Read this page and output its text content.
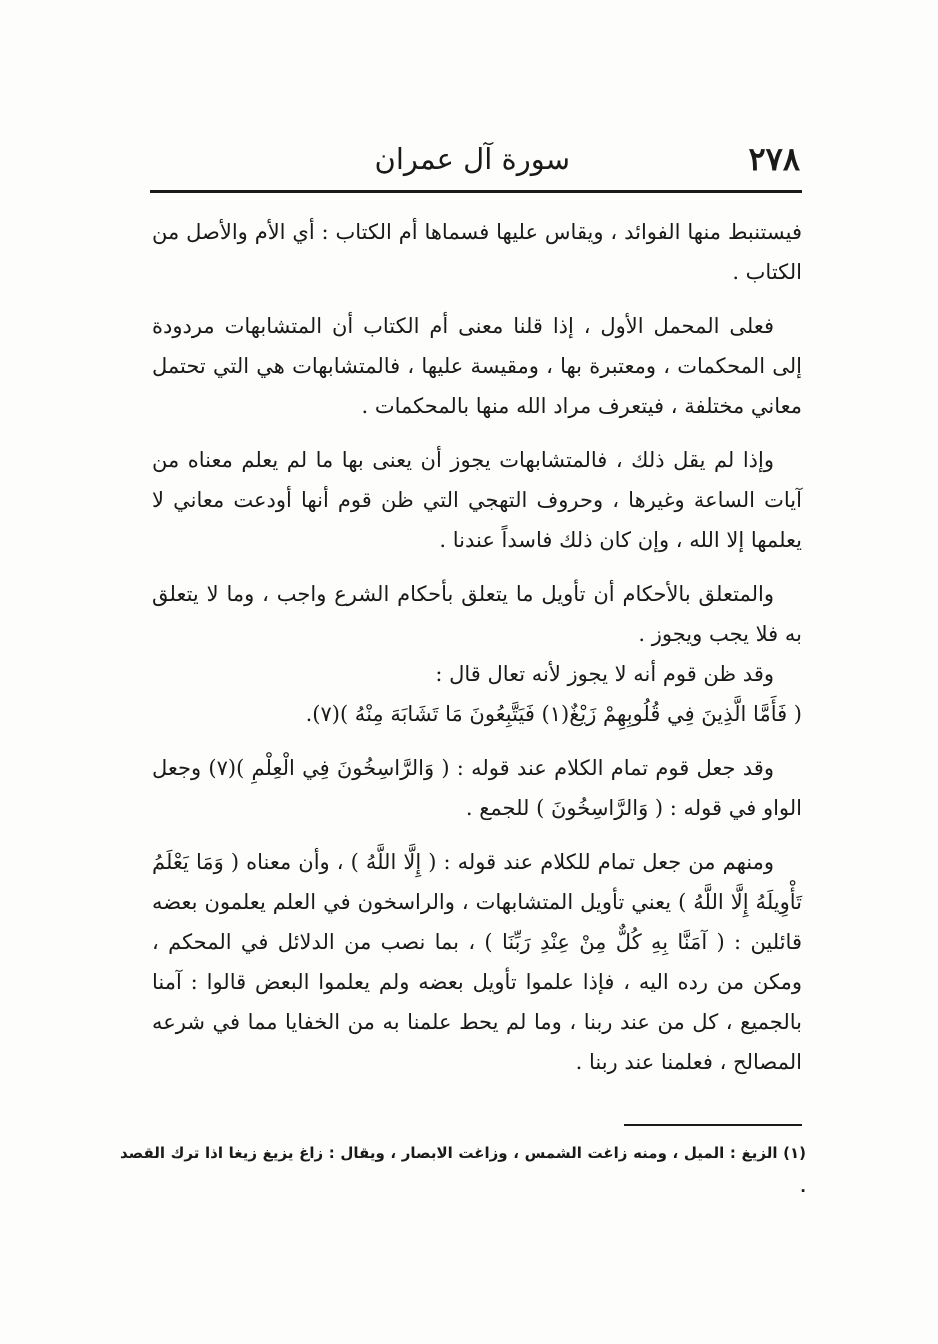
٢٧٨
سورة آل عمران

فيستنبط منها الفوائد ، ويقاس عليها فسماها أم الكتاب : أي الأم والأصل من الكتاب .

فعلى المحمل الأول ، إذا قلنا معنى أم الكتاب أن المتشابهات مردودة إلى المحكمات ، ومعتبرة بها ، ومقيسة عليها ، فالمتشابهات هي التي تحتمل معاني مختلفة ، فيتعرف مراد الله منها بالمحكمات .

وإذا لم يقل ذلك ، فالمتشابهات يجوز أن يعنى بها ما لم يعلم معناه من آيات الساعة وغيرها ، وحروف التهجي التي ظن قوم أنها أودعت معاني لا يعلمها إلا الله ، وإن كان ذلك فاسداً عندنا .

والمتعلق بالأحكام أن تأويل ما يتعلق بأحكام الشرع واجب ، وما لا يتعلق به فلا يجب ويجوز .

وقد ظن قوم أنه لا يجوز لأنه تعال قال :

( فَأَمَّا الَّذِينَ فِي قُلُوبِهِمْ زَيْغٌ(١) فَيَتَّبِعُونَ مَا تَشَابَهَ مِنْهُ )(٧).

وقد جعل قوم تمام الكلام عند قوله : ( وَالرَّاسِخُونَ فِي الْعِلْمِ )(٧) وجعل الواو في قوله : ( وَالرَّاسِخُونَ ) للجمع .

ومنهم من جعل تمام للكلام عند قوله : ( إِلَّا اللَّهُ ) ، وأن معناه ( وَمَا يَعْلَمُ تَأْوِيلَهُ إِلَّا اللَّهُ ) يعني تأويل المتشابهات ، والراسخون في العلم يعلمون بعضه قائلين : ( آمَنَّا بِهِ كُلٌّ مِنْ عِنْدِ رَبِّنَا ) ، بما نصب من الدلائل في المحكم ، ومكن من رده اليه ، فإذا علموا تأويل بعضه ولم يعلموا البعض قالوا : آمنا بالجميع ، كل من عند ربنا ، وما لم يحط علمنا به من الخفايا مما في شرعه المصالح ، فعلمنا عند ربنا .

(١) الزيغ : الميل ، ومنه زاغت الشمس ، وزاغت الابصار ، ويقال : زاغ يزيغ زيغا اذا ترك القصد .
